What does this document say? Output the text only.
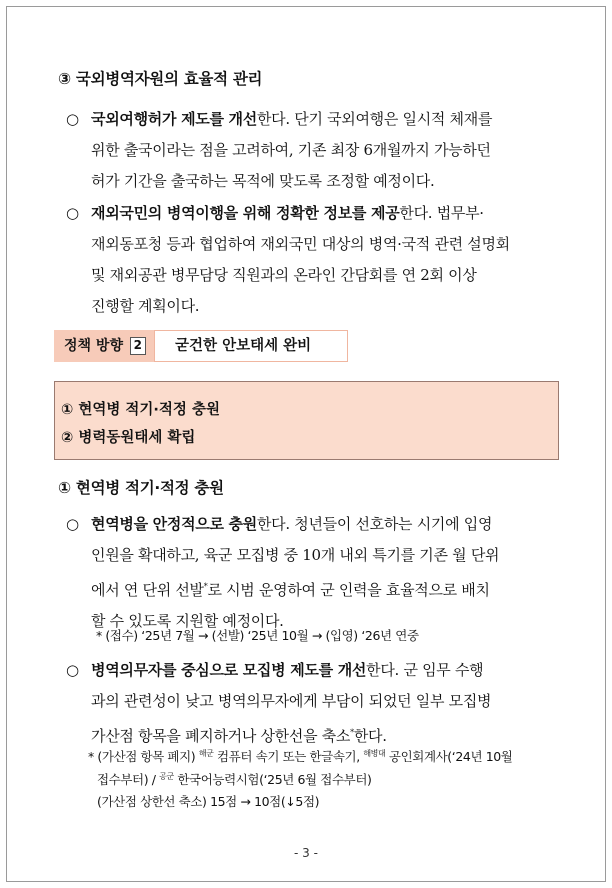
③ 국외병역자원의 효율적 관리
○ 국외여행허가 제도를 개선한다. 단기 국외여행은 일시적 체재를
위한 출국이라는 점을 고려하여, 기존 최장 6개월까지 가능하던
허가 기간을 출국하는 목적에 맞도록 조정할 예정이다.
○ 재외국민의 병역이행을 위해 정확한 정보를 제공한다. 법무부·
재외동포청 등과 협업하여 재외국민 대상의 병역·국적 관련 설명회
및 재외공관 병무담당 직원과의 온라인 간담회를 연 2회 이상
진행할 계획이다.
정책 방향 2	굳건한 안보태세 완비
① 현역병 적기·적정 충원
② 병력동원태세 확립
① 현역병 적기·적정 충원
○ 현역병을 안정적으로 충원한다. 청년들이 선호하는 시기에 입영
인원을 확대하고, 육군 모집병 중 10개 내외 특기를 기존 월 단위
에서 연 단위 선발*로 시범 운영하여 군 인력을 효율적으로 배치
할 수 있도록 지원할 예정이다.
* (접수) ‘25년 7월 → (선발) ‘25년 10월 → (입영) ‘26년 연중
○ 병역의무자를 중심으로 모집병 제도를 개선한다. 군 임무 수행
과의 관련성이 낮고 병역의무자에게 부담이 되었던 일부 모집병
가산점 항목을 폐지하거나 상한선을 축소*한다.
* (가산점 항목 폐지) $^{해군}$ 컴퓨터 속기 또는 한글속기, $^{해병대}$ 공인회계사(‘24년 10월
접수부터) / $^{공군}$ 한국어능력시험(‘25년 6월 접수부터)
(가산점 상한선 축소) 15점 → 10점(↓5점)
- 3 -
